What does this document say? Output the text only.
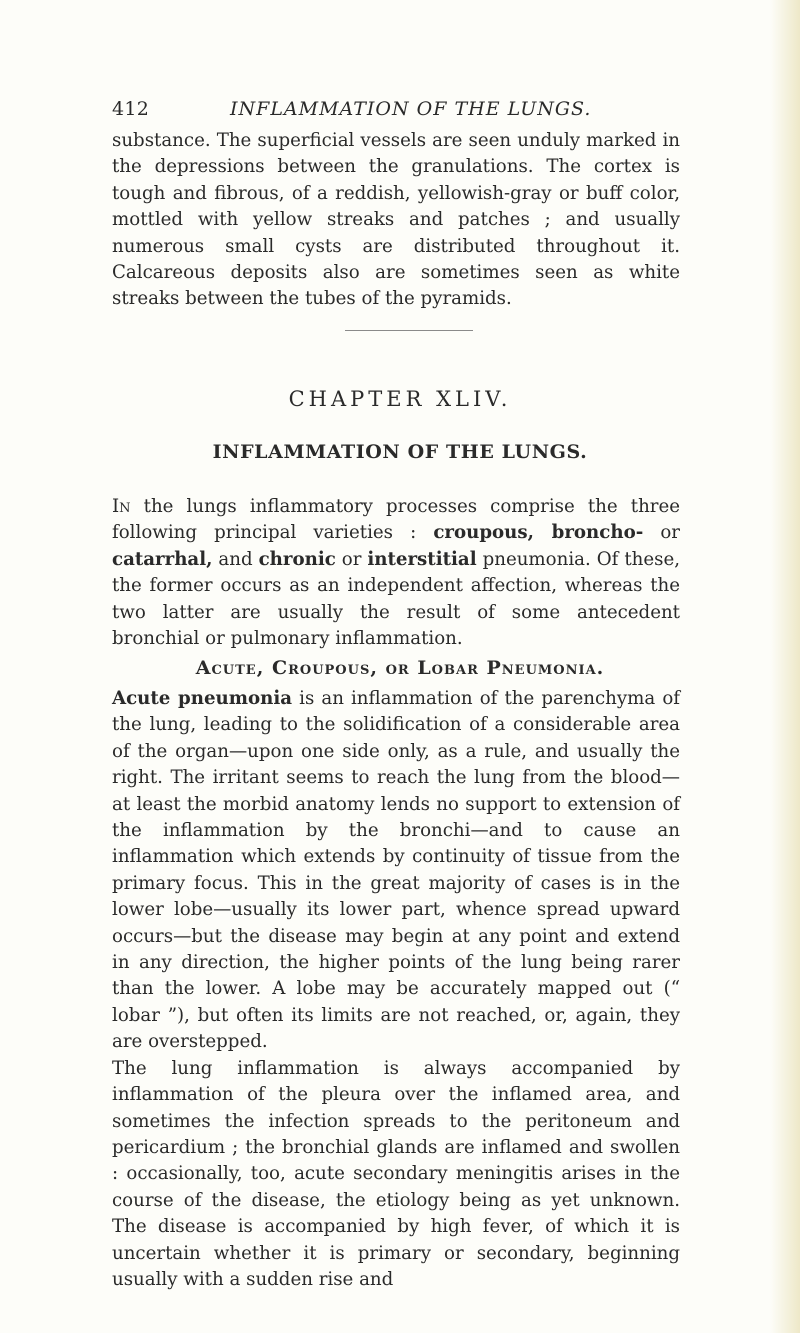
412	INFLAMMATION OF THE LUNGS.

substance. The superficial vessels are seen unduly marked in the depressions between the granulations. The cortex is tough and fibrous, of a reddish, yellowish-gray or buff color, mottled with yellow streaks and patches ; and usually numerous small cysts are distributed throughout it. Calcareous deposits also are sometimes seen as white streaks between the tubes of the pyramids.

CHAPTER XLIV.
INFLAMMATION OF THE LUNGS.

In the lungs inflammatory processes comprise the three following principal varieties : croupous, broncho- or catarrhal, and chronic or interstitial pneumonia. Of these, the former occurs as an independent affection, whereas the two latter are usually the result of some antecedent bronchial or pulmonary inflammation.

Acute, Croupous, or Lobar Pneumonia.

Acute pneumonia is an inflammation of the parenchyma of the lung, leading to the solidification of a considerable area of the organ—upon one side only, as a rule, and usually the right. The irritant seems to reach the lung from the blood—at least the morbid anatomy lends no support to extension of the inflammation by the bronchi—and to cause an inflammation which extends by continuity of tissue from the primary focus. This in the great majority of cases is in the lower lobe—usually its lower part, whence spread upward occurs—but the disease may begin at any point and extend in any direction, the higher points of the lung being rarer than the lower. A lobe may be accurately mapped out (“ lobar ”), but often its limits are not reached, or, again, they are overstepped.

The lung inflammation is always accompanied by inflammation of the pleura over the inflamed area, and sometimes the infection spreads to the peritoneum and pericardium ; the bronchial glands are inflamed and swollen : occasionally, too, acute secondary meningitis arises in the course of the disease, the etiology being as yet unknown. The disease is accompanied by high fever, of which it is uncertain whether it is primary or secondary, beginning usually with a sudden rise and
